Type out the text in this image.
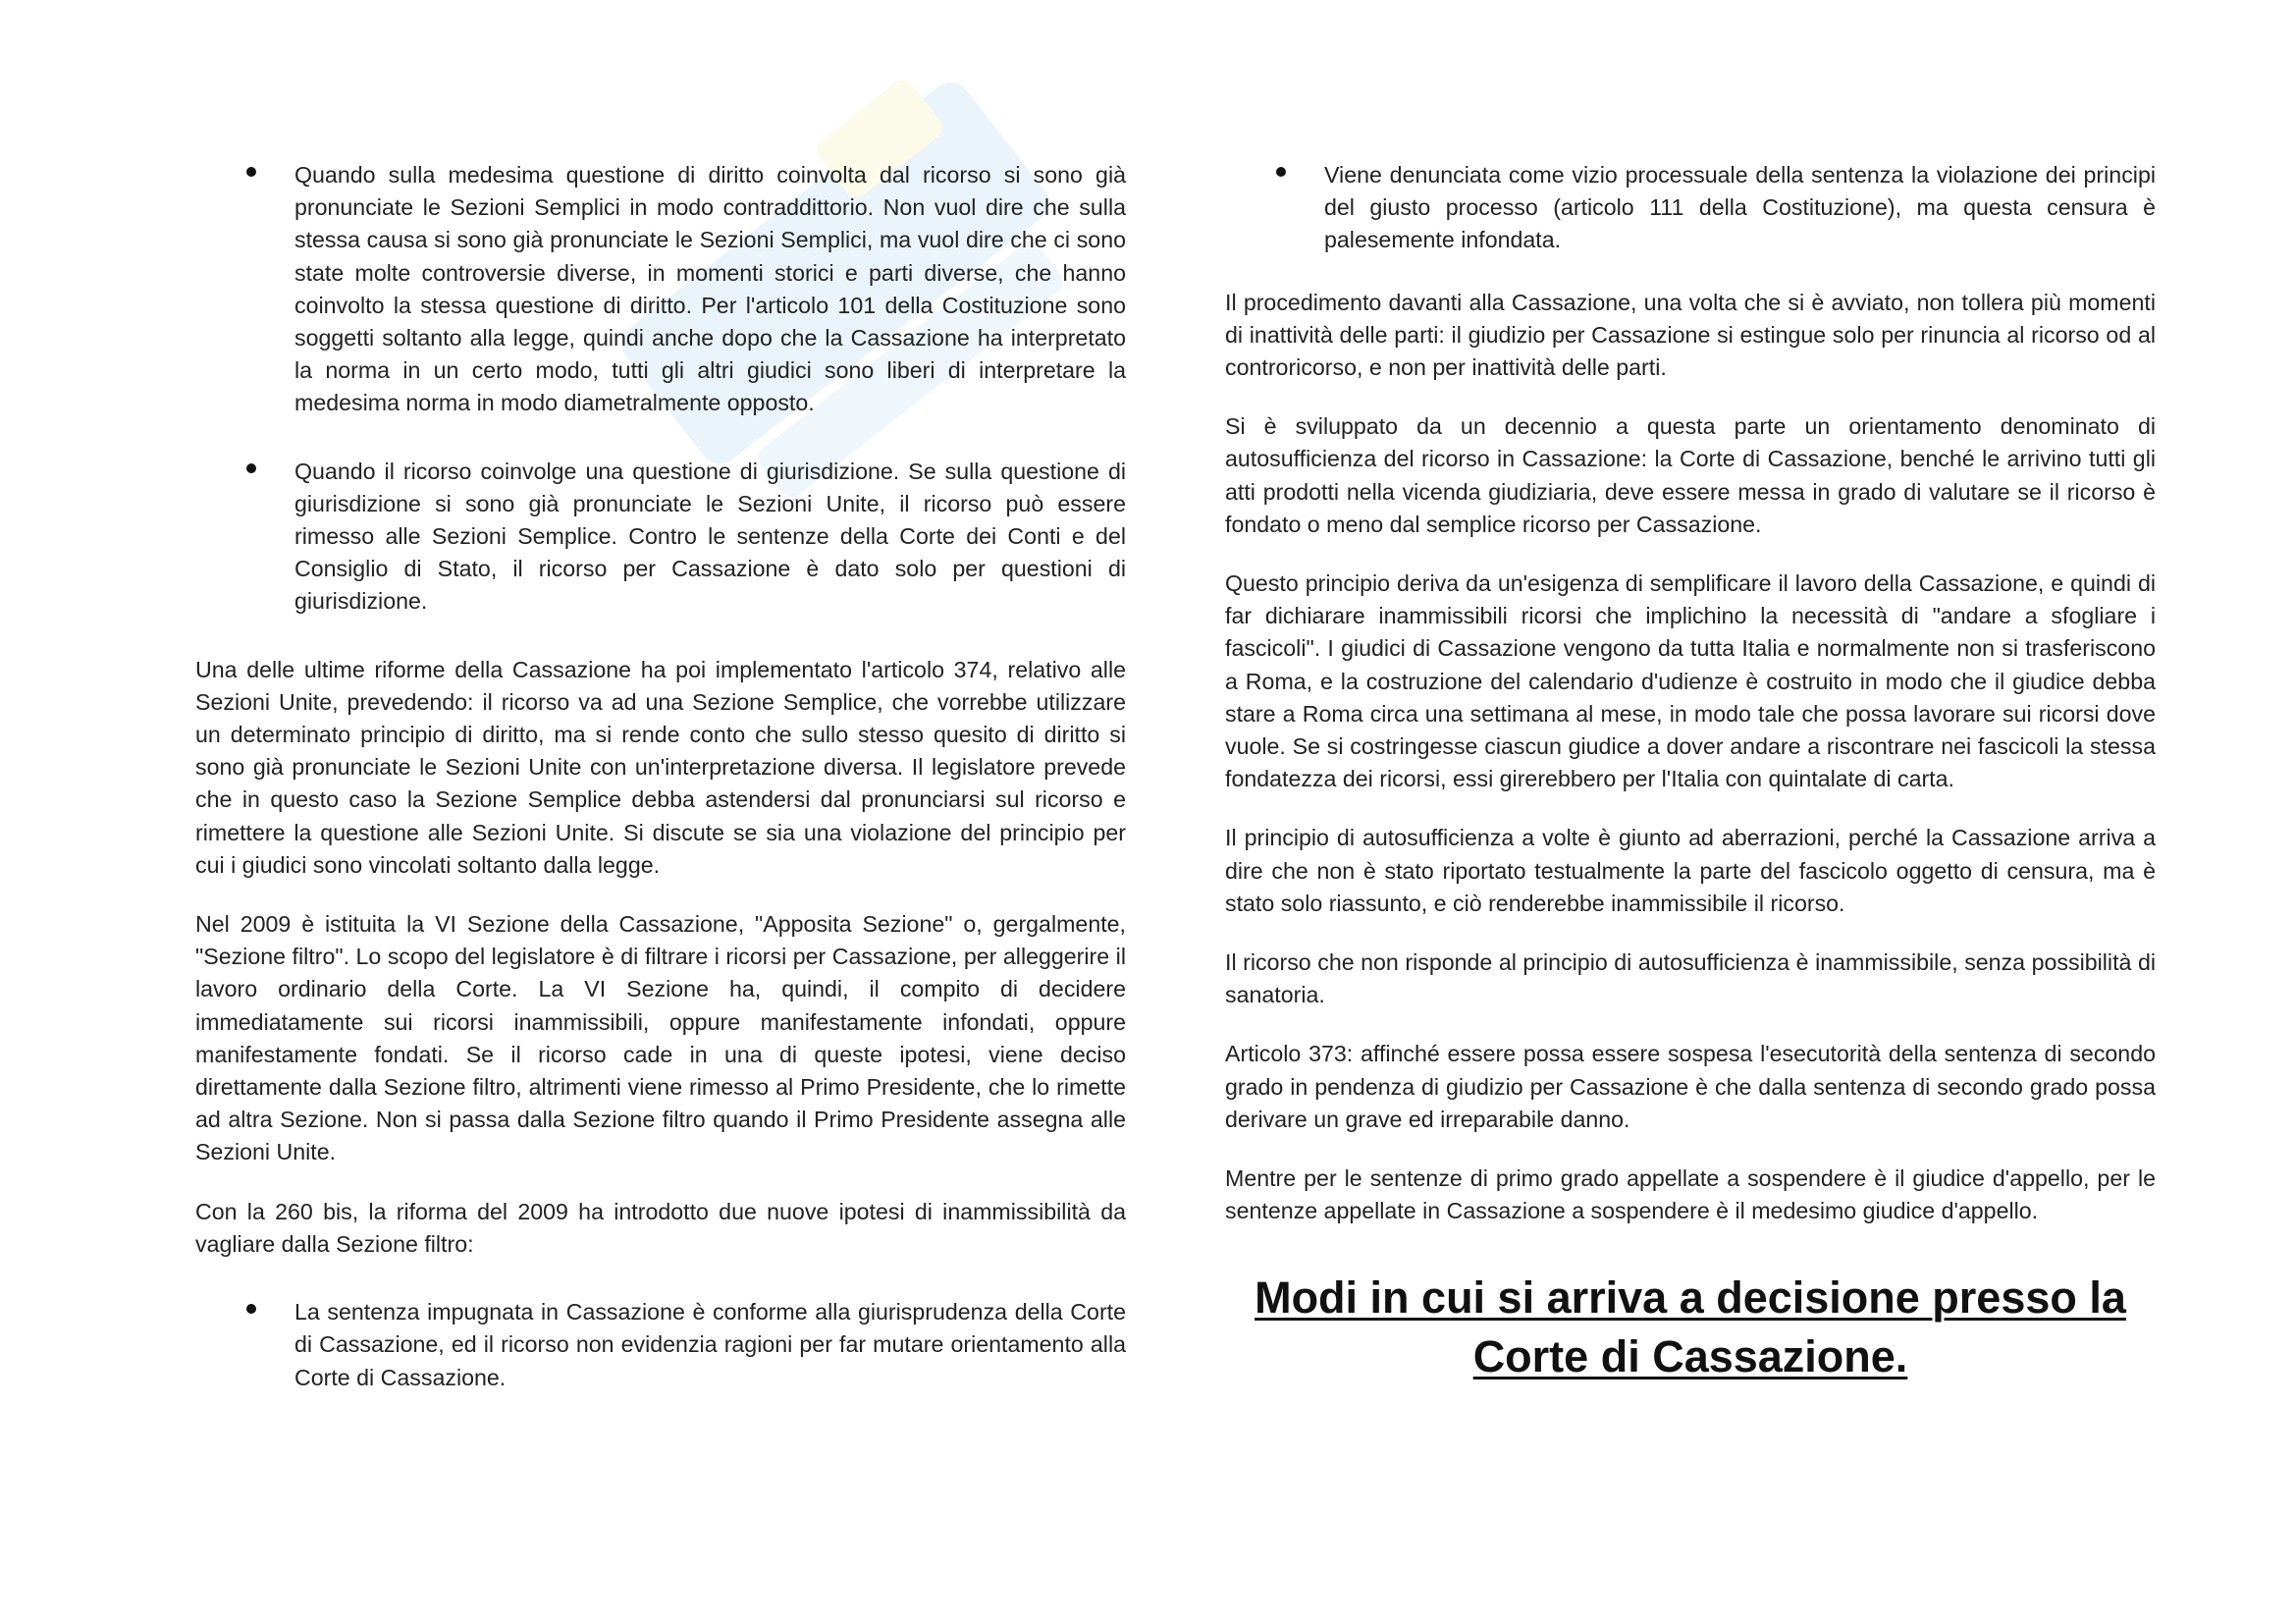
Quando sulla medesima questione di diritto coinvolta dal ricorso si sono già pronunciate le Sezioni Semplici in modo contraddittorio. Non vuol dire che sulla stessa causa si sono già pronunciate le Sezioni Semplici, ma vuol dire che ci sono state molte controversie diverse, in momenti storici e parti diverse, che hanno coinvolto la stessa questione di diritto. Per l'articolo 101 della Costituzione sono soggetti soltanto alla legge, quindi anche dopo che la Cassazione ha interpretato la norma in un certo modo, tutti gli altri giudici sono liberi di interpretare la medesima norma in modo diametralmente opposto.
Quando il ricorso coinvolge una questione di giurisdizione. Se sulla questione di giurisdizione si sono già pronunciate le Sezioni Unite, il ricorso può essere rimesso alle Sezioni Semplice. Contro le sentenze della Corte dei Conti e del Consiglio di Stato, il ricorso per Cassazione è dato solo per questioni di giurisdizione.

Una delle ultime riforme della Cassazione ha poi implementato l'articolo 374, relativo alle Sezioni Unite, prevedendo: il ricorso va ad una Sezione Semplice, che vorrebbe utilizzare un determinato principio di diritto, ma si rende conto che sullo stesso quesito di diritto si sono già pronunciate le Sezioni Unite con un'interpretazione diversa. Il legislatore prevede che in questo caso la Sezione Semplice debba astendersi dal pronunciarsi sul ricorso e rimettere la questione alle Sezioni Unite. Si discute se sia una violazione del principio per cui i giudici sono vincolati soltanto dalla legge.

Nel 2009 è istituita la VI Sezione della Cassazione, "Apposita Sezione" o, gergalmente, "Sezione filtro". Lo scopo del legislatore è di filtrare i ricorsi per Cassazione, per alleggerire il lavoro ordinario della Corte. La VI Sezione ha, quindi, il compito di decidere immediatamente sui ricorsi inammissibili, oppure manifestamente infondati, oppure manifestamente fondati. Se il ricorso cade in una di queste ipotesi, viene deciso direttamente dalla Sezione filtro, altrimenti viene rimesso al Primo Presidente, che lo rimette ad altra Sezione. Non si passa dalla Sezione filtro quando il Primo Presidente assegna alle Sezioni Unite.

Con la 260 bis, la riforma del 2009 ha introdotto due nuove ipotesi di inammissibilità da vagliare dalla Sezione filtro:

La sentenza impugnata in Cassazione è conforme alla giurisprudenza della Corte di Cassazione, ed il ricorso non evidenzia ragioni per far mutare orientamento alla Corte di Cassazione.
Viene denunciata come vizio processuale della sentenza la violazione dei principi del giusto processo (articolo 111 della Costituzione), ma questa censura è palesemente infondata.

Il procedimento davanti alla Cassazione, una volta che si è avviato, non tollera più momenti di inattività delle parti: il giudizio per Cassazione si estingue solo per rinuncia al ricorso od al controricorso, e non per inattività delle parti.

Si è sviluppato da un decennio a questa parte un orientamento denominato di autosufficienza del ricorso in Cassazione: la Corte di Cassazione, benché le arrivino tutti gli atti prodotti nella vicenda giudiziaria, deve essere messa in grado di valutare se il ricorso è fondato o meno dal semplice ricorso per Cassazione.

Questo principio deriva da un'esigenza di semplificare il lavoro della Cassazione, e quindi di far dichiarare inammissibili ricorsi che implichino la necessità di "andare a sfogliare i fascicoli". I giudici di Cassazione vengono da tutta Italia e normalmente non si trasferiscono a Roma, e la costruzione del calendario d'udienze è costruito in modo che il giudice debba stare a Roma circa una settimana al mese, in modo tale che possa lavorare sui ricorsi dove vuole. Se si costringesse ciascun giudice a dover andare a riscontrare nei fascicoli la stessa fondatezza dei ricorsi, essi girerebbero per l'Italia con quintalate di carta.

Il principio di autosufficienza a volte è giunto ad aberrazioni, perché la Cassazione arriva a dire che non è stato riportato testualmente la parte del fascicolo oggetto di censura, ma è stato solo riassunto, e ciò renderebbe inammissibile il ricorso.

Il ricorso che non risponde al principio di autosufficienza è inammissibile, senza possibilità di sanatoria.

Articolo 373: affinché essere possa essere sospesa l'esecutorità della sentenza di secondo grado in pendenza di giudizio per Cassazione è che dalla sentenza di secondo grado possa derivare un grave ed irreparabile danno.

Mentre per le sentenze di primo grado appellate a sospendere è il giudice d'appello, per le sentenze appellate in Cassazione a sospendere è il medesimo giudice d'appello.

Modi in cui si arriva a decisione presso la
Corte di Cassazione.
